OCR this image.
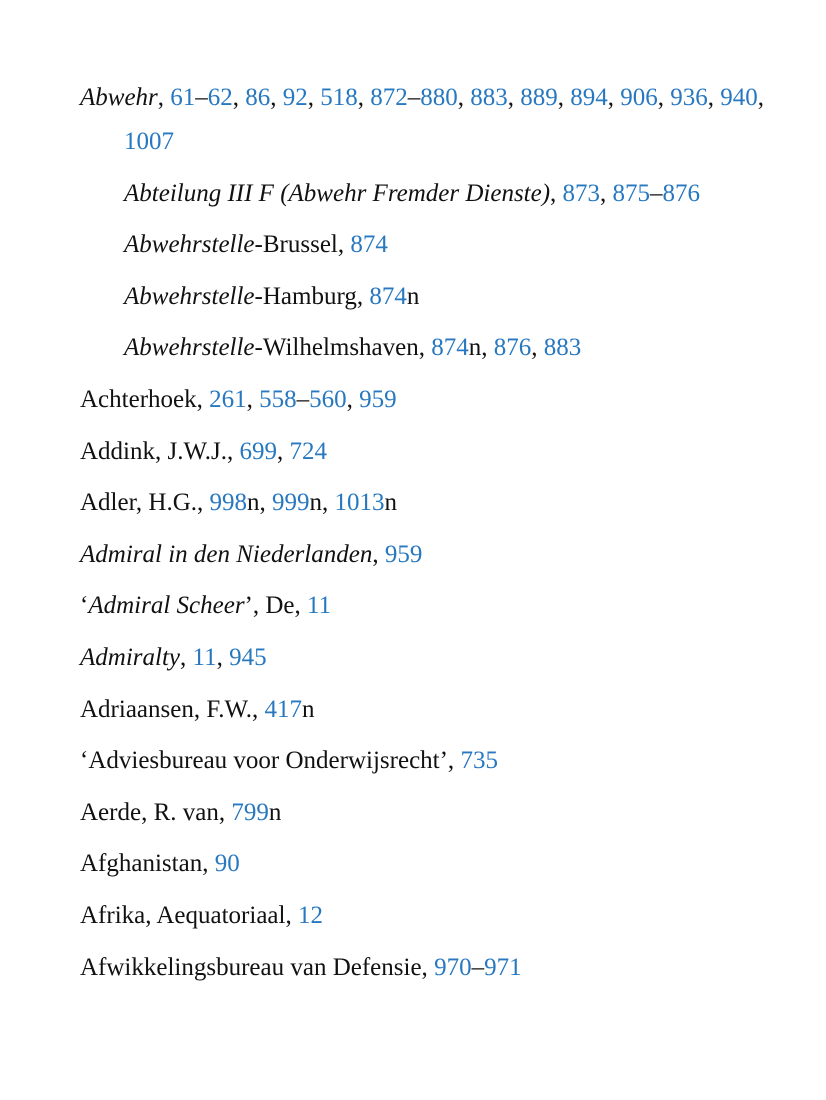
Abwehr, 61–62, 86, 92, 518, 872–880, 883, 889, 894, 906, 936, 940, 1007
Abteilung III F (Abwehr Fremder Dienste), 873, 875–876
Abwehrstelle-Brussel, 874
Abwehrstelle-Hamburg, 874n
Abwehrstelle-Wilhelmshaven, 874n, 876, 883
Achterhoek, 261, 558–560, 959
Addink, J.W.J., 699, 724
Adler, H.G., 998n, 999n, 1013n
Admiral in den Niederlanden, 959
‘Admiral Scheer’, De, 11
Admiralty, 11, 945
Adriaansen, F.W., 417n
‘Adviesbureau voor Onderwijsrecht’, 735
Aerde, R. van, 799n
Afghanistan, 90
Afrika, Aequatoriaal, 12
Afwikkelingsbureau van Defensie, 970–971
